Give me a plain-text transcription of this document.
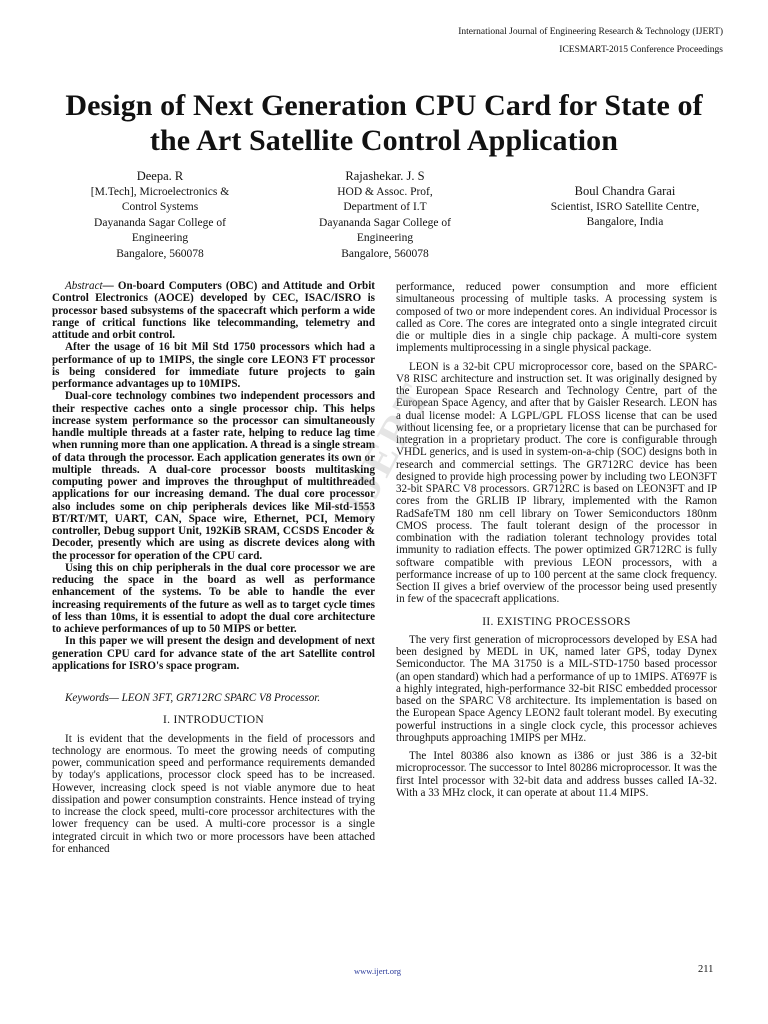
International Journal of Engineering Research & Technology (IJERT)
ICESMART-2015 Conference Proceedings
Design of Next Generation CPU Card for State of
the Art Satellite Control Application
Deepa. R
[M.Tech], Microelectronics &
Control Systems
Dayananda Sagar College of
Engineering
Bangalore, 560078
Rajashekar. J. S
HOD & Assoc. Prof,
Department of I.T
Dayananda Sagar College of
Engineering
Bangalore, 560078
Boul Chandra Garai
Scientist, ISRO Satellite Centre,
Bangalore, India

Abstract— On-board Computers (OBC) and Attitude and Orbit Control Electronics (AOCE) developed by CEC, ISAC/ISRO is processor based subsystems of the spacecraft which perform a wide range of critical functions like telecommanding, telemetry and attitude and orbit control.

After the usage of 16 bit Mil Std 1750 processors which had a performance of up to 1MIPS, the single core LEON3 FT processor is being considered for immediate future projects to gain performance advantages up to 10MIPS.

Dual-core technology combines two independent processors and their respective caches onto a single processor chip. This helps increase system performance so the processor can simultaneously handle multiple threads at a faster rate, helping to reduce lag time when running more than one application. A thread is a single stream of data through the processor. Each application generates its own or multiple threads. A dual-core processor boosts multitasking computing power and improves the throughput of multithreaded applications for our increasing demand. The dual core processor also includes some on chip peripherals devices like Mil-std-1553 BT/RT/MT, UART, CAN, Space wire, Ethernet, PCI, Memory controller, Debug support Unit, 192KiB SRAM, CCSDS Encoder & Decoder, presently which are using as discrete devices along with the processor for operation of the CPU card.

Using this on chip peripherals in the dual core processor we are reducing the space in the board as well as performance enhancement of the systems. To be able to handle the ever increasing requirements of the future as well as to target cycle times of less than 10ms, it is essential to adopt the dual core architecture to achieve performances of up to 50 MIPS or better.

In this paper we will present the design and development of next generation CPU card for advance state of the art Satellite control applications for ISRO's space program.

Keywords— LEON 3FT, GR712RC SPARC V8 Processor.

I. INTRODUCTION

It is evident that the developments in the field of processors and technology are enormous. To meet the growing needs of computing power, communication speed and performance requirements demanded by today's applications, processor clock speed has to be increased. However, increasing clock speed is not viable anymore due to heat dissipation and power consumption constraints. Hence instead of trying to increase the clock speed, multi-core processor architectures with the lower frequency can be used. A multi-core processor is a single integrated circuit in which two or more processors have been attached for enhanced

performance, reduced power consumption and more efficient simultaneous processing of multiple tasks. A processing system is composed of two or more independent cores. An individual Processor is called as Core. The cores are integrated onto a single integrated circuit die or multiple dies in a single chip package. A multi-core system implements multiprocessing in a single physical package.

LEON is a 32-bit CPU microprocessor core, based on the SPARC-V8 RISC architecture and instruction set. It was originally designed by the European Space Research and Technology Centre, part of the European Space Agency, and after that by Gaisler Research. LEON has a dual license model: A LGPL/GPL FLOSS license that can be used without licensing fee, or a proprietary license that can be purchased for integration in a proprietary product. The core is configurable through VHDL generics, and is used in system-on-a-chip (SOC) designs both in research and commercial settings. The GR712RC device has been designed to provide high processing power by including two LEON3FT 32-bit SPARC V8 processors. GR712RC is based on LEON3FT and IP cores from the GRLIB IP library, implemented with the Ramon RadSafeTM 180 nm cell library on Tower Semiconductors 180nm CMOS process. The fault tolerant design of the processor in combination with the radiation tolerant technology provides total immunity to radiation effects. The power optimized GR712RC is fully software compatible with previous LEON processors, with a performance increase of up to 100 percent at the same clock frequency. Section II gives a brief overview of the processor being used presently in few of the spacecraft applications.

II. EXISTING PROCESSORS

The very first generation of microprocessors developed by ESA had been designed by MEDL in UK, named later GPS, today Dynex Semiconductor. The MA 31750 is a MIL-STD-1750 based processor (an open standard) which had a performance of up to 1MIPS. AT697F is a highly integrated, high-performance 32-bit RISC embedded processor based on the SPARC V8 architecture. Its implementation is based on the European Space Agency LEON2 fault tolerant model. By executing powerful instructions in a single clock cycle, this processor achieves throughputs approaching 1MIPS per MHz.

The Intel 80386 also known as i386 or just 386 is a 32-bit microprocessor. The successor to Intel 80286 microprocessor. It was the first Intel processor with 32-bit data and address busses called IA-32. With a 33 MHz clock, it can operate at about 11.4 MIPS.

IJERT
www.ijert.org	211
